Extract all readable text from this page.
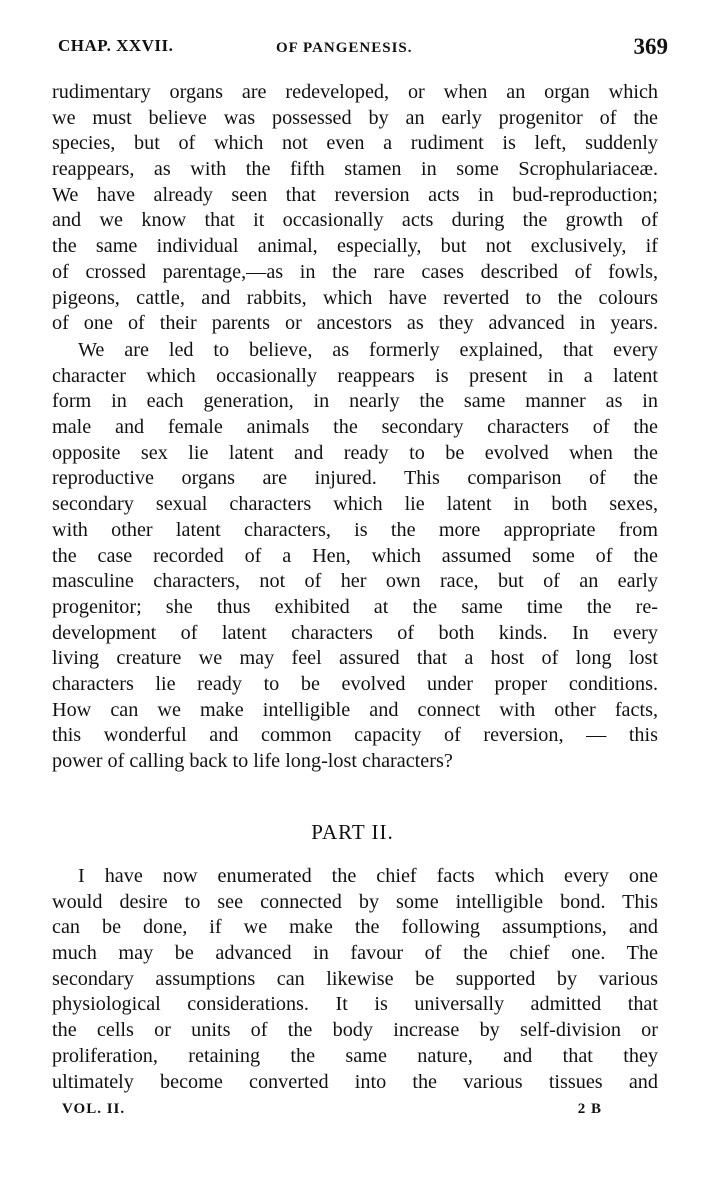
CHAP. XXVII.	OF PANGENESIS.	369
rudimentary organs are redeveloped, or when an organ which
we must believe was possessed by an early progenitor of the
species, but of which not even a rudiment is left, suddenly
reappears, as with the fifth stamen in some Scrophulariaceæ.
We have already seen that reversion acts in bud-reproduction;
and we know that it occasionally acts during the growth of
the same individual animal, especially, but not exclusively, if
of crossed parentage,—as in the rare cases described of fowls,
pigeons, cattle, and rabbits, which have reverted to the colours
of one of their parents or ancestors as they advanced in years.
We are led to believe, as formerly explained, that every
character which occasionally reappears is present in a latent
form in each generation, in nearly the same manner as in
male and female animals the secondary characters of the
opposite sex lie latent and ready to be evolved when the
reproductive organs are injured. This comparison of the
secondary sexual characters which lie latent in both sexes,
with other latent characters, is the more appropriate from
the case recorded of a Hen, which assumed some of the
masculine characters, not of her own race, but of an early
progenitor; she thus exhibited at the same time the re-
development of latent characters of both kinds. In every
living creature we may feel assured that a host of long lost
characters lie ready to be evolved under proper conditions.
How can we make intelligible and connect with other facts,
this wonderful and common capacity of reversion, — this
power of calling back to life long-lost characters?
PART II.
I have now enumerated the chief facts which every one
would desire to see connected by some intelligible bond. This
can be done, if we make the following assumptions, and
much may be advanced in favour of the chief one. The
secondary assumptions can likewise be supported by various
physiological considerations. It is universally admitted that
the cells or units of the body increase by self-division or
proliferation, retaining the same nature, and that they
ultimately become converted into the various tissues and
VOL. II.	2 B
